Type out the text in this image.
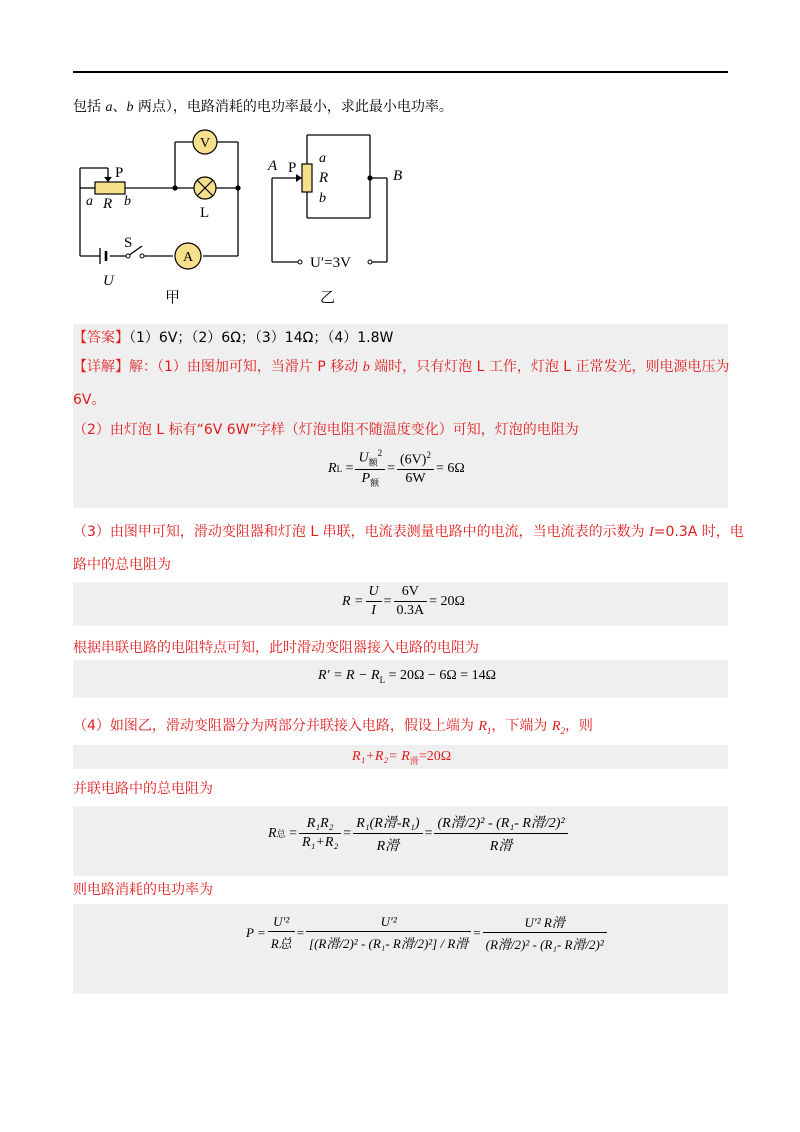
包括 a、b 两点），电路消耗的电功率最小，求此最小电功率。
V
A
P
a R b
L
S
U
甲
A P
a
R
b
B
U′=3V
乙
【答案】（1）6V；（2）6Ω；（3）14Ω；（4）1.8W
【详解】解：（1）由图加可知，当滑片 P 移动 b 端时，只有灯泡 L 工作，灯泡 L 正常发光，则电源电压为
6V。
（2）由灯泡 L 标有“6V 6W”字样（灯泡电阻不随温度变化）可知，灯泡的电阻为
R $L = \frac{U_额^2}{P_额} = \frac{(6V)^2}{6W} = 6\Omega$
（3）由图甲可知，滑动变阻器和灯泡 L 串联，电流表测量电路中的电流，当电流表的示数为 I=0.3A 时，电
路中的总电阻为
$R = \frac{U}{I} = \frac{6V}{0.3A} = 20\Omega$
根据串联电路的电阻特点可知，此时滑动变阻器接入电路的电阻为
$R' = R - R_L = 20\Omega - 6\Omega = 14\Omega$
（4）如图乙，滑动变阻器分为两部分并联接入电路，假设上端为 $R_1$，下端为 $R_2$，则
$R_1+R_2= R_滑=20\Omega$
并联电路中的总电阻为
R 总 = $\frac{\text{R₁R₂}}{\text{R₁+R₂}} = \frac{\text{R₁(R滑-R₁)}}{\text{R滑}} = \frac{\text{(R滑/2)² - (R₁- R滑/2)²}}{\text{R滑}}$
则电路消耗的电功率为
$P = \frac{\text{U′²}}{\text{R总}} = \frac{\text{U′²}}{\text{[(R滑/2)² - (R₁- R滑/2)²] / R滑}} = \frac{\text{U′² R滑}}{\text{(R滑/2)² - (R₁- R滑/2)²}}$
